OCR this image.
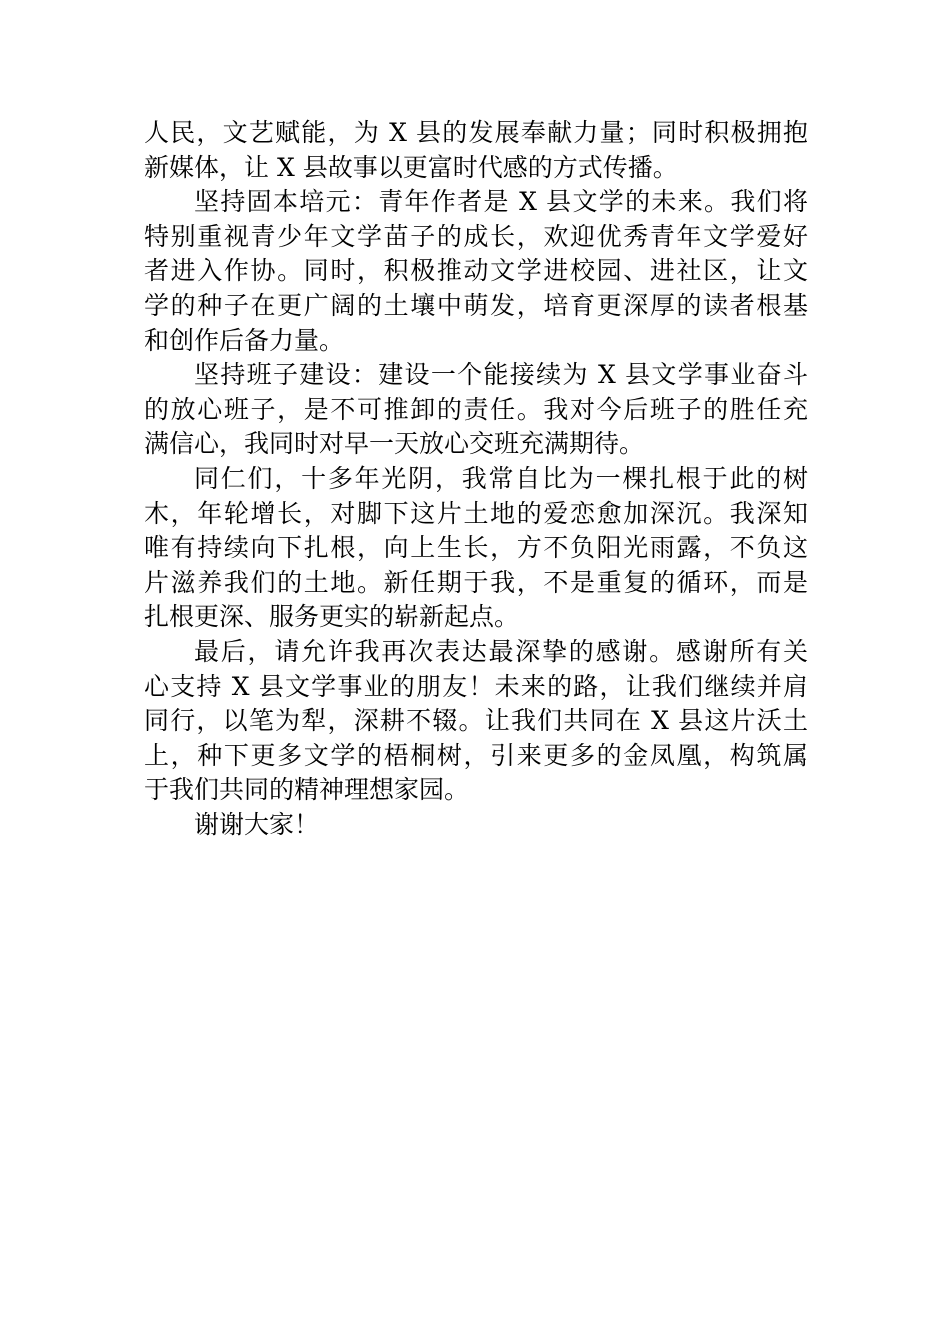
人民，文艺赋能，为 X 县的发展奉献力量；同时积极拥抱
新媒体，让 X 县故事以更富时代感的方式传播。
坚持固本培元：青年作者是 X 县文学的未来。我们将
特别重视青少年文学苗子的成长，欢迎优秀青年文学爱好
者进入作协。同时，积极推动文学进校园、进社区，让文
学的种子在更广阔的土壤中萌发，培育更深厚的读者根基
和创作后备力量。
坚持班子建设：建设一个能接续为 X 县文学事业奋斗
的放心班子，是不可推卸的责任。我对今后班子的胜任充
满信心，我同时对早一天放心交班充满期待。
同仁们，十多年光阴，我常自比为一棵扎根于此的树
木，年轮增长，对脚下这片土地的爱恋愈加深沉。我深知
唯有持续向下扎根，向上生长，方不负阳光雨露，不负这
片滋养我们的土地。新任期于我，不是重复的循环，而是
扎根更深、服务更实的崭新起点。
最后，请允许我再次表达最深挚的感谢。感谢所有关
心支持 X 县文学事业的朋友！未来的路，让我们继续并肩
同行，以笔为犁，深耕不辍。让我们共同在 X 县这片沃土
上，种下更多文学的梧桐树，引来更多的金凤凰，构筑属
于我们共同的精神理想家园。
谢谢大家！
